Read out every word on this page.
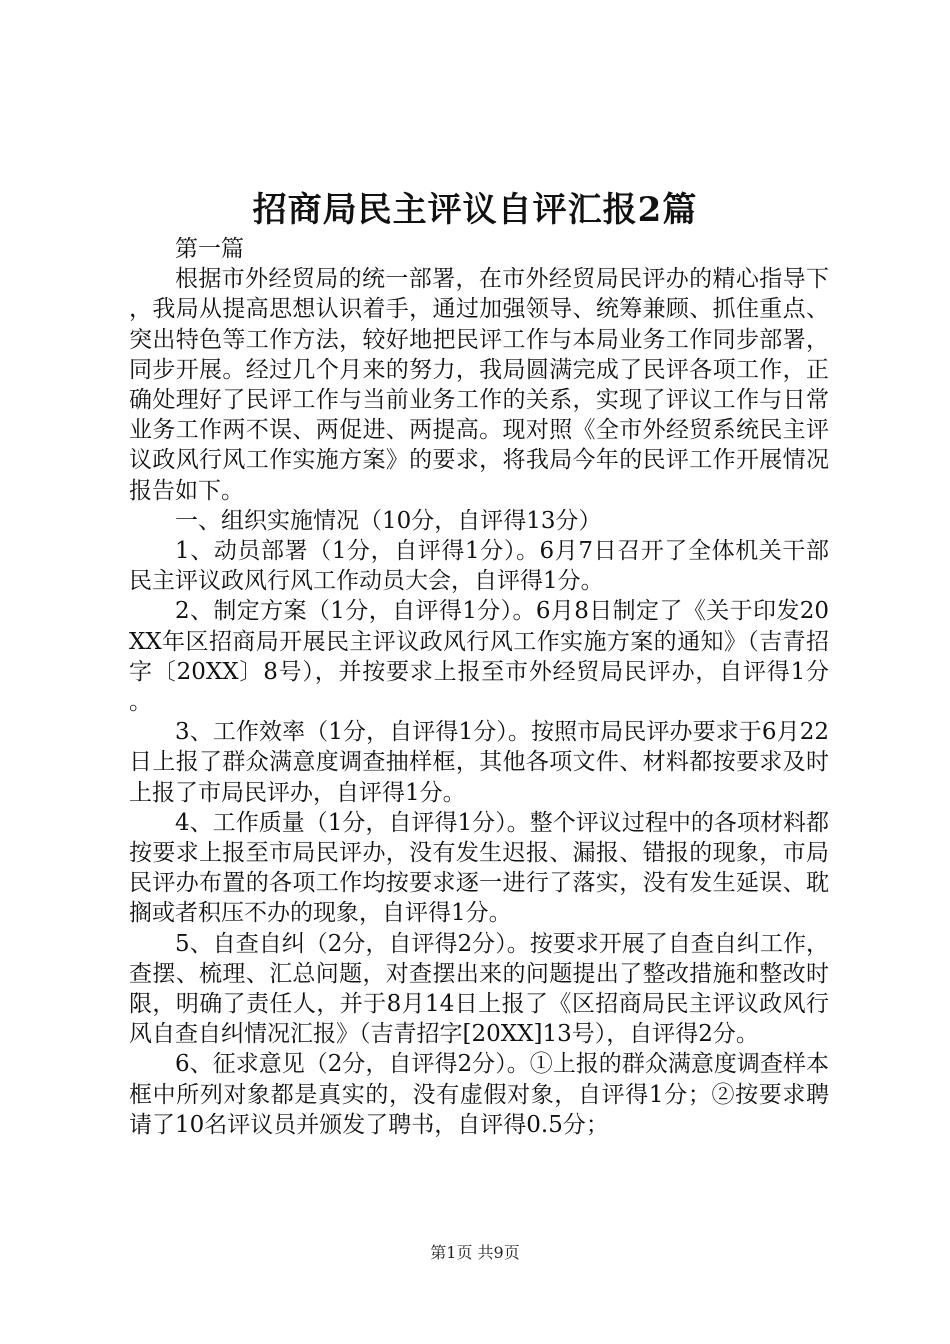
招商局民主评议自评汇报2篇

第一篇

根据市外经贸局的统一部署，在市外经贸局民评办的精心指导下，我局从提高思想认识着手，通过加强领导、统筹兼顾、抓住重点、突出特色等工作方法，较好地把民评工作与本局业务工作同步部署，同步开展。经过几个月来的努力，我局圆满完成了民评各项工作，正确处理好了民评工作与当前业务工作的关系，实现了评议工作与日常业务工作两不误、两促进、两提高。现对照《全市外经贸系统民主评议政风行风工作实施方案》的要求，将我局今年的民评工作开展情况报告如下。

一、组织实施情况（10分，自评得13分）

1、动员部署（1分，自评得1分）。6月7日召开了全体机关干部民主评议政风行风工作动员大会，自评得1分。

2、制定方案（1分，自评得1分）。6月8日制定了《关于印发20XX年区招商局开展民主评议政风行风工作实施方案的通知》（吉青招字〔20XX〕8号），并按要求上报至市外经贸局民评办，自评得1分。

3、工作效率（1分，自评得1分）。按照市局民评办要求于6月22日上报了群众满意度调查抽样框，其他各项文件、材料都按要求及时上报了市局民评办，自评得1分。

4、工作质量（1分，自评得1分）。整个评议过程中的各项材料都按要求上报至市局民评办，没有发生迟报、漏报、错报的现象，市局民评办布置的各项工作均按要求逐一进行了落实，没有发生延误、耽搁或者积压不办的现象，自评得1分。

5、自查自纠（2分，自评得2分）。按要求开展了自查自纠工作，查摆、梳理、汇总问题，对查摆出来的问题提出了整改措施和整改时限，明确了责任人，并于8月14日上报了《区招商局民主评议政风行风自查自纠情况汇报》（吉青招字[20XX]13号），自评得2分。

6、征求意见（2分，自评得2分）。①上报的群众满意度调查样本框中所列对象都是真实的，没有虚假对象，自评得1分；②按要求聘请了10名评议员并颁发了聘书，自评得0.5分；

第1页 共9页
